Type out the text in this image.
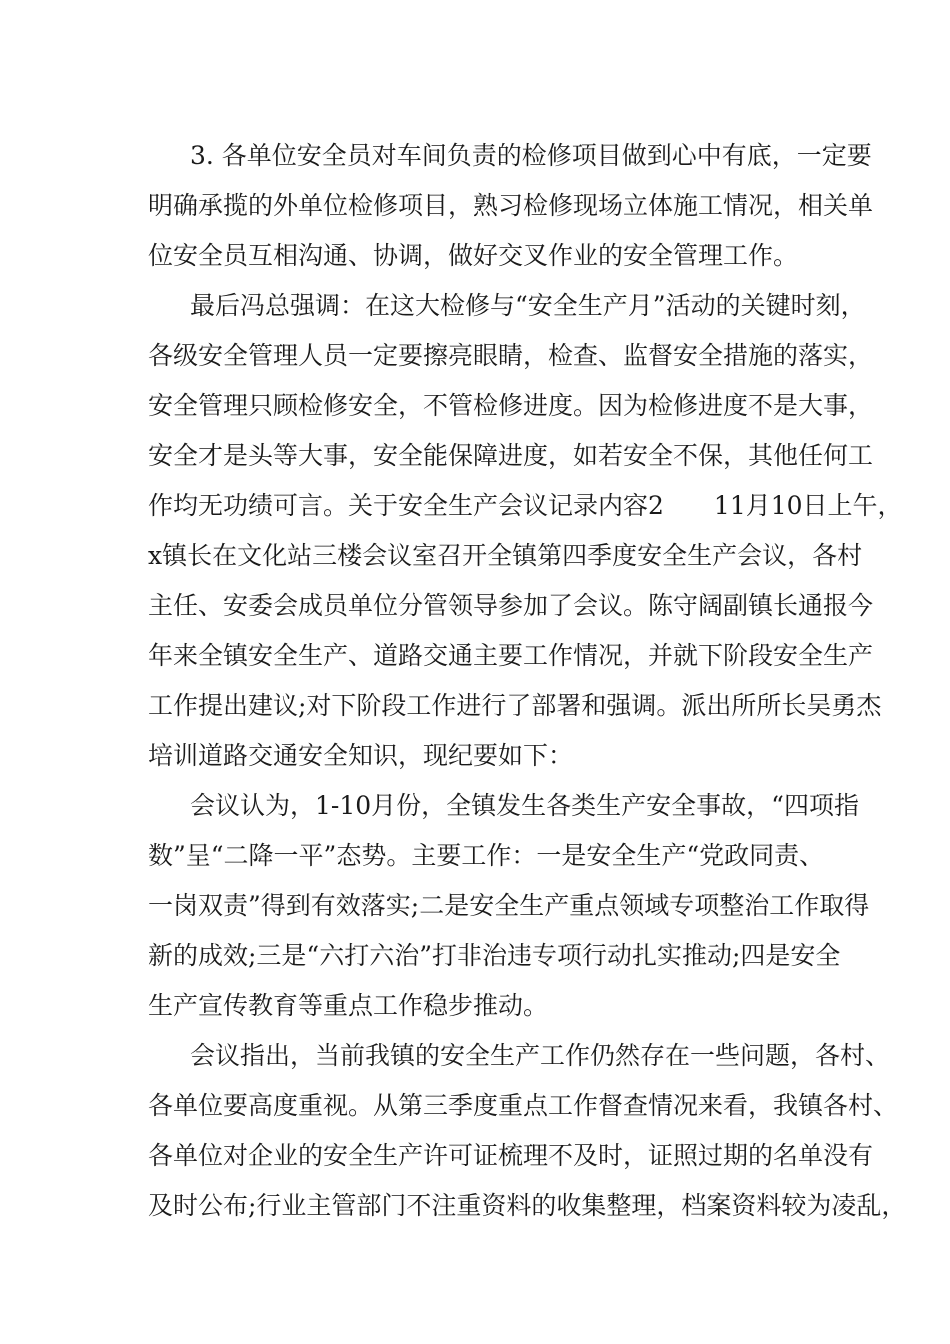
3. 各单位安全员对车间负责的检修项目做到心中有底，一定要
明确承揽的外单位检修项目，熟习检修现场立体施工情况，相关单
位安全员互相沟通、协调，做好交叉作业的安全管理工作。
最后冯总强调：在这大检修与“安全生产月”活动的关键时刻，
各级安全管理人员一定要擦亮眼睛，检查、监督安全措施的落实，
安全管理只顾检修安全，不管检修进度。因为检修进度不是大事，
安全才是头等大事，安全能保障进度，如若安全不保，其他任何工
作均无功绩可言。关于安全生产会议记录内容2　　11月10日上午，
x镇长在文化站三楼会议室召开全镇第四季度安全生产会议，各村
主任、安委会成员单位分管领导参加了会议。陈守阔副镇长通报今
年来全镇安全生产、道路交通主要工作情况，并就下阶段安全生产
工作提出建议;对下阶段工作进行了部署和强调。派出所所长吴勇杰
培训道路交通安全知识，现纪要如下：
会议认为，1-10月份，全镇发生各类生产安全事故，“四项指
数”呈“二降一平”态势。主要工作：一是安全生产“党政同责、
一岗双责”得到有效落实;二是安全生产重点领域专项整治工作取得
新的成效;三是“六打六治”打非治违专项行动扎实推动;四是安全
生产宣传教育等重点工作稳步推动。
会议指出，当前我镇的安全生产工作仍然存在一些问题，各村、
各单位要高度重视。从第三季度重点工作督查情况来看，我镇各村、
各单位对企业的安全生产许可证梳理不及时，证照过期的名单没有
及时公布;行业主管部门不注重资料的收集整理，档案资料较为凌乱，
